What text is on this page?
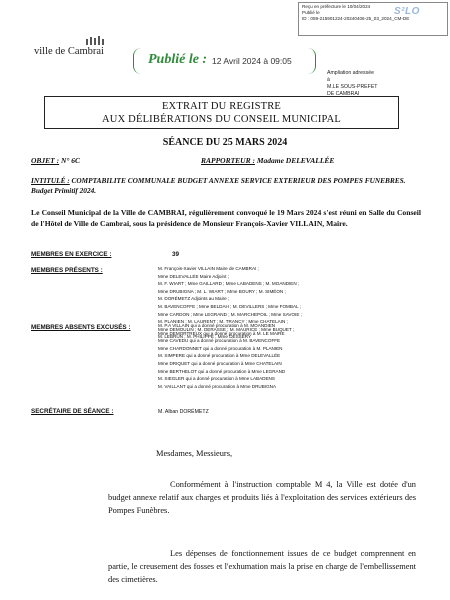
Reçu en préfecture le 10/04/2024
Publié le
ID : 059-215901224-20240406-25_03_2024_CM-DE
S²LO
ville de Cambrai
Publié le : 12 Avril 2024 à 09:05
Ampliation adressée
à
M.LE SOUS-PREFET
DE CAMBRAI
EXTRAIT DU REGISTRE
AUX DÉLIBÉRATIONS DU CONSEIL MUNICIPAL
SÉANCE DU 25 MARS 2024
OBJET : N° 6C	RAPPORTEUR : Madame DELEVALLÉE
INTITULÉ : COMPTABILITE COMMUNALE BUDGET ANNEXE SERVICE EXTERIEUR DES POMPES FUNEBRES. Budget Primitif 2024.
Le Conseil Municipal de la Ville de CAMBRAI, régulièrement convoqué le 19 Mars 2024 s'est réuni en Salle du Conseil de l'Hôtel de Ville de Cambrai, sous la présidence de Monsieur François-Xavier VILLAIN, Maire.
MEMBRES EN EXERCICE :	39
MEMBRES PRÉSENTS :	M. François-Xavier VILLAIN Maire de CAMBRAI ;
Mme DELEVALLÉE Maire Adjoint ;
M. F. WIART ; Mme GAILLARD ; Mme LABADENS ; M. MOANDIEN ;
Mme DRUBIGNA ; M. L. WIART ; Mme BOURY ; M. SIMÉON ;
M. DORÉMETZ Adjoints au Maire ;
M. BAVENCOFFE ; Mme BELDAH ; M. DEVILLERS ; Mme FOMBAL ;
Mme CARDON ; Mme LEGRAND ; M. MARCHEPOIL ; Mme SAVOIE ;
M. PLANIEN ; M. LAURENT ; M. TRANCY ; Mme CHATELAIN ;
Mme DEMOULIN ; M. DERASSE ; M. MAURICE ; Mme BUQUET ;
M. LEBRUN ; M. PHILIPPE ; Mme DESSERY
MEMBRES ABSENTS EXCUSÉS :	M. P.A VILLAIN qui a donné procuration à M. MOANDIEN
Mme DEMORTREUX qui a donné procuration à M. LE MAIRE
Mme CAVEDU qui a donné procuration à M. BAVENCOFFE
Mme CHARDONNET qui a donné procuration à M. PLANIEN
M. SIMPERE qui a donné procuration à Mme DELEVALLÉE
Mme DRIQUET qui a donné procuration à Mme CHATELAIN
Mme BERTHELOT qui a donné procuration à Mme LEGRAND
M. SIEGLER qui a donné procuration à Mme LABADENS
M. VAILLANT qui a donné procuration à Mme DRUBIGNA
SECRÉTAIRE DE SÉANCE :	M. Alban DORÉMETZ
Mesdames, Messieurs,
Conformément à l'instruction comptable M 4, la Ville est dotée d'un budget annexe relatif aux charges et produits liés à l'exploitation des services extérieurs des Pompes Funèbres.
Les dépenses de fonctionnement issues de ce budget comprennent en partie, le creusement des fosses et l'exhumation mais la prise en charge de l'embellissement des cimetières.
